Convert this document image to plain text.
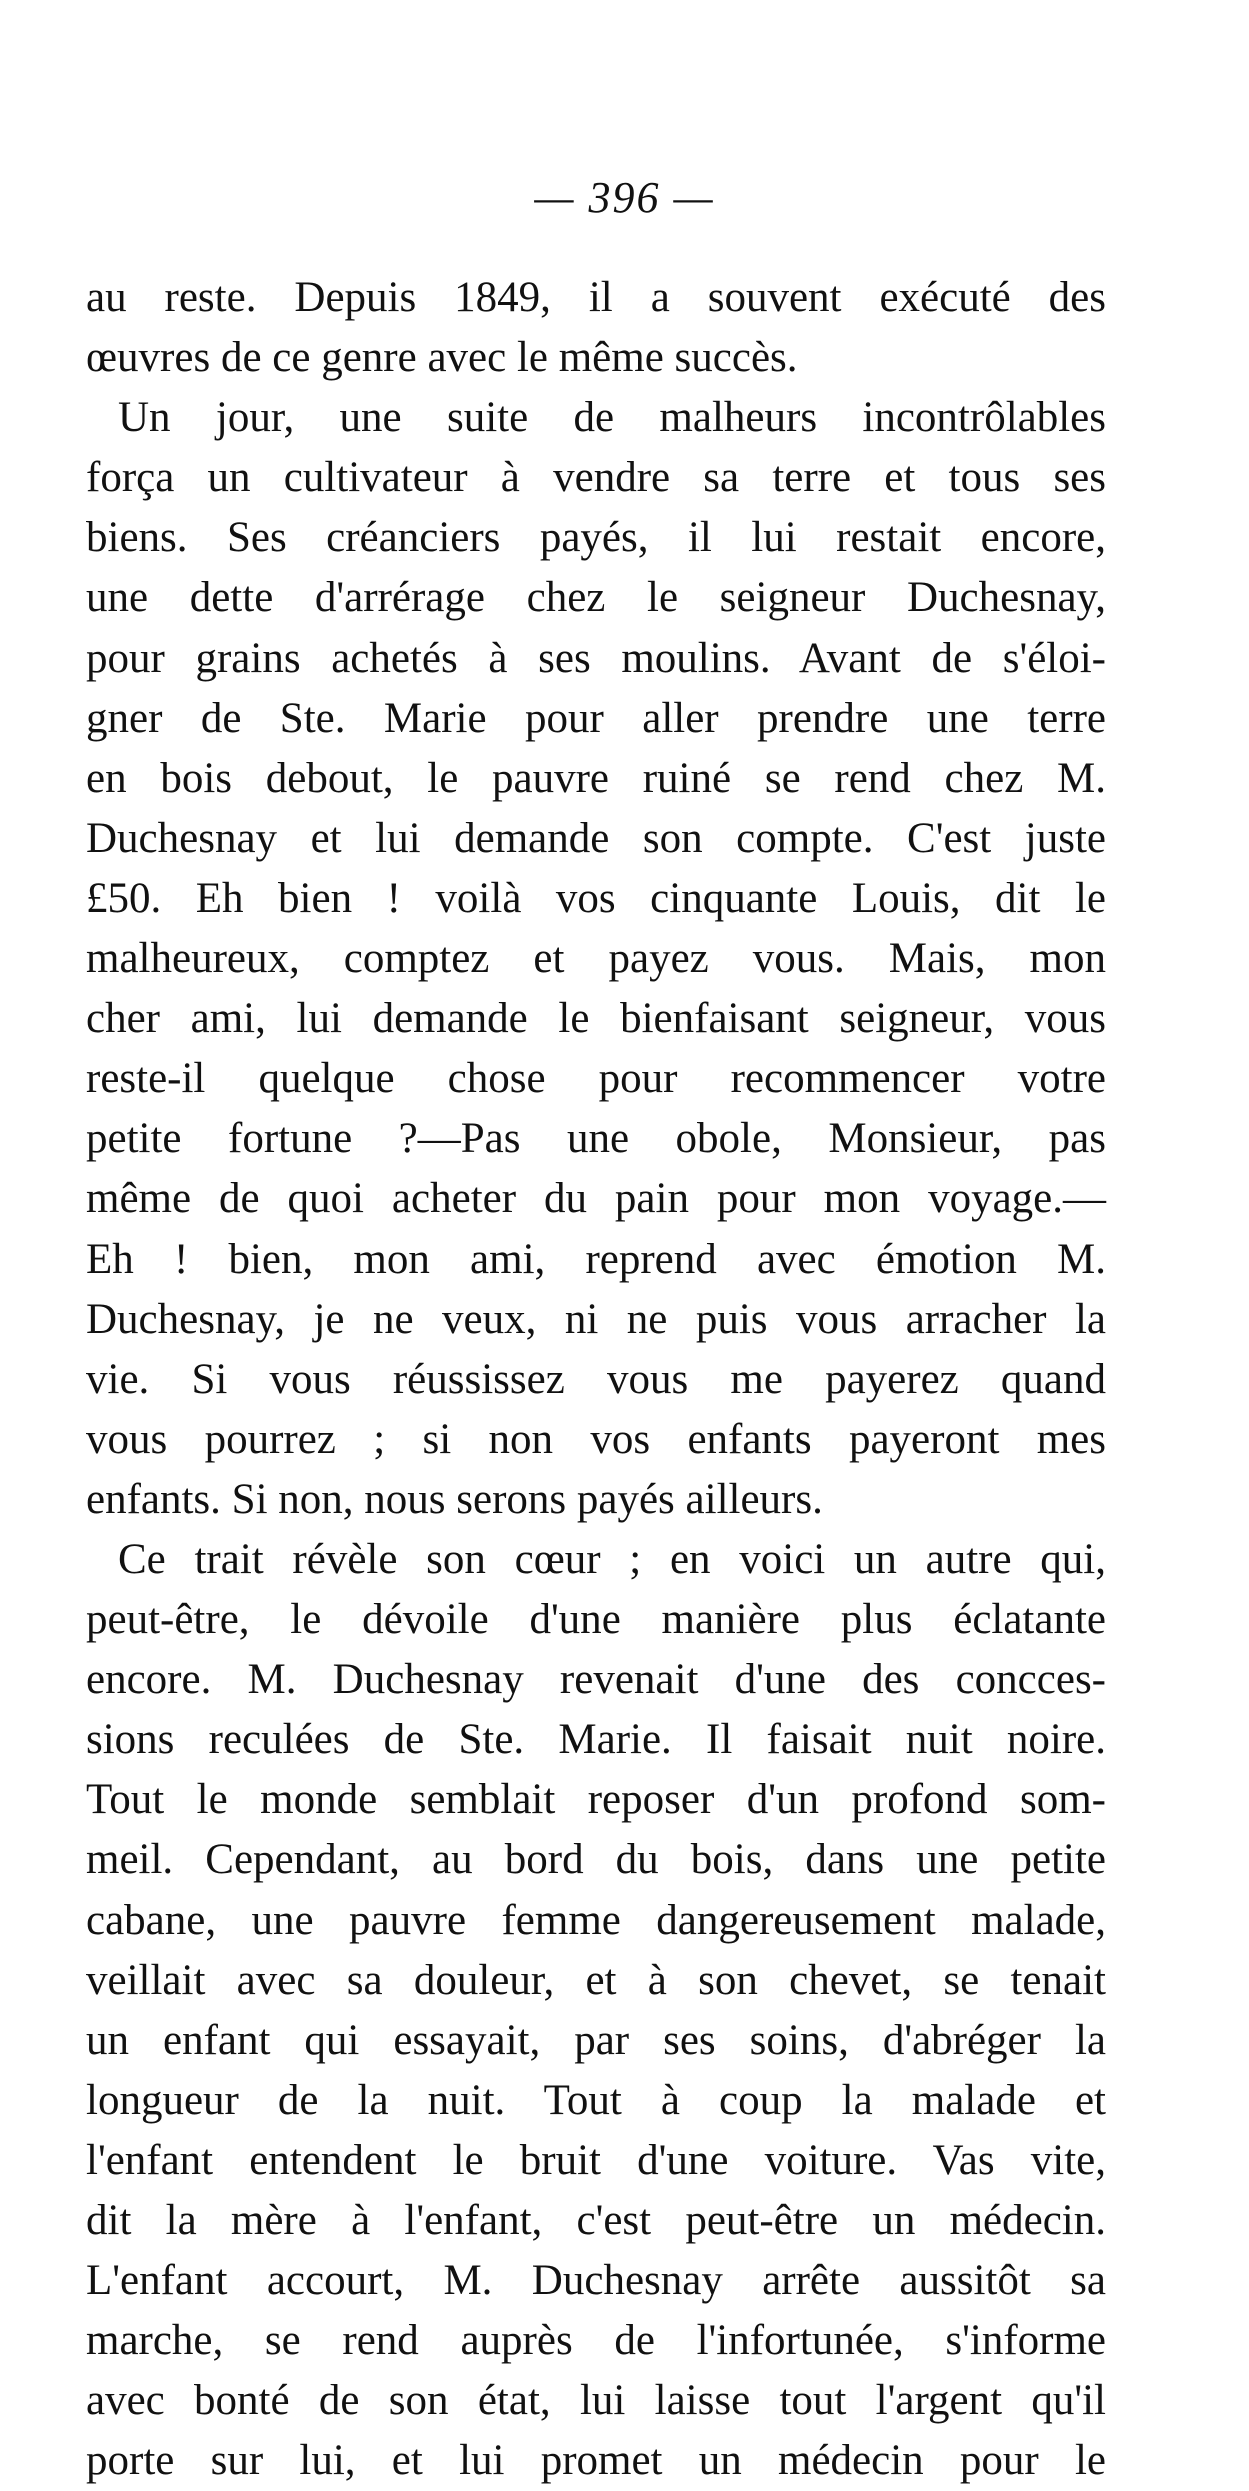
— 396 —
au reste. Depuis 1849, il a souvent exécuté des
œuvres de ce genre avec le même succès.
Un jour, une suite de malheurs incontrôlables
força un cultivateur à vendre sa terre et tous ses
biens. Ses créanciers payés, il lui restait encore,
une dette d'arrérage chez le seigneur Duchesnay,
pour grains achetés à ses moulins. Avant de s'éloi-
gner de Ste. Marie pour aller prendre une terre
en bois debout, le pauvre ruiné se rend chez M.
Duchesnay et lui demande son compte. C'est juste
£50. Eh bien ! voilà vos cinquante Louis, dit le
malheureux, comptez et payez vous. Mais, mon
cher ami, lui demande le bienfaisant seigneur, vous
reste-il quelque chose pour recommencer votre
petite fortune ?—Pas une obole, Monsieur, pas
même de quoi acheter du pain pour mon voyage.—
Eh ! bien, mon ami, reprend avec émotion M.
Duchesnay, je ne veux, ni ne puis vous arracher la
vie. Si vous réussissez vous me payerez quand
vous pourrez ; si non vos enfants payeront mes
enfants. Si non, nous serons payés ailleurs.
Ce trait révèle son cœur ; en voici un autre qui,
peut-être, le dévoile d'une manière plus éclatante
encore. M. Duchesnay revenait d'une des concces-
sions reculées de Ste. Marie. Il faisait nuit noire.
Tout le monde semblait reposer d'un profond som-
meil. Cependant, au bord du bois, dans une petite
cabane, une pauvre femme dangereusement malade,
veillait avec sa douleur, et à son chevet, se tenait
un enfant qui essayait, par ses soins, d'abréger la
longueur de la nuit. Tout à coup la malade et
l'enfant entendent le bruit d'une voiture. Vas vite,
dit la mère à l'enfant, c'est peut-être un médecin.
L'enfant accourt, M. Duchesnay arrête aussitôt sa
marche, se rend auprès de l'infortunée, s'informe
avec bonté de son état, lui laisse tout l'argent qu'il
porte sur lui, et lui promet un médecin pour le
